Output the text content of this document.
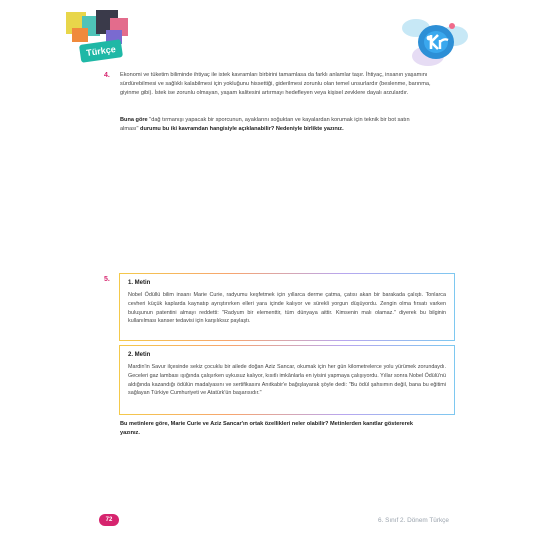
Türkçe
4. Ekonomi ve tüketim biliminde ihtiyaç ile istek kavramları birbirini tamamlasa da farklı anlamlar taşır. İhtiyaç, insanın yaşamını sürdürebilmesi ve sağlıklı kalabilmesi için yokluğunu hissettiği, giderilmesi zorunlu olan temel unsurlardır (beslenme, barınma, giyinme gibi). İstek ise zorunlu olmayan, yaşam kalitesini artırmayı hedefleyen veya kişisel zevklere dayalı arzulardır.
Buna göre "dağ tırmanışı yapacak bir sporcunun, ayaklarını soğuktan ve kayalardan korumak için teknik bir bot satın alması" durumu bu iki kavramdan hangisiyle açıklanabilir? Nedeniyle birlikte yazınız.
5.	1. Metin
Nobel Ödüllü bilim insanı Marie Curie, radyumu keşfetmek için yıllarca derme çatma, çatısı akan bir barakada çalıştı. Tonlarca cevheri küçük kaplarda kaynatıp ayrıştırırken elleri yara içinde kalıyor ve sürekli yorgun düşüyordu. Zengin olma fırsatı varken buluşunun patentini almayı reddetti: "Radyum bir elementtir, tüm dünyaya aittir. Kimsenin malı olamaz." diyerek bu bilginin kullanılması kanser tedavisi için karşılıksız paylaştı.
2. Metin
Mardin'in Savur ilçesinde sekiz çocuklu bir ailede doğan Aziz Sancar, okumak için her gün kilometrelerce yolu yürümek zorundaydı. Geceleri gaz lambası ışığında çalışırken uykusuz kalıyor, kısıtlı imkânlarla en iyisini yapmaya çalışıyordu. Yıllar sonra Nobel Ödülü'nü aldığında kazandığı ödülün madalyasını ve sertifikasını Anıtkabir'e bağışlayarak şöyle dedi: "Bu ödül şahsımın değil, bana bu eğitimi sağlayan Türkiye Cumhuriyeti ve Atatürk'ün başarısıdır."
Bu metinlere göre, Marie Curie ve Aziz Sancar'ın ortak özellikleri neler olabilir? Metinlerden kanıtlar göstererek yazınız.
72	6. Sınıf 2. Dönem Türkçe
